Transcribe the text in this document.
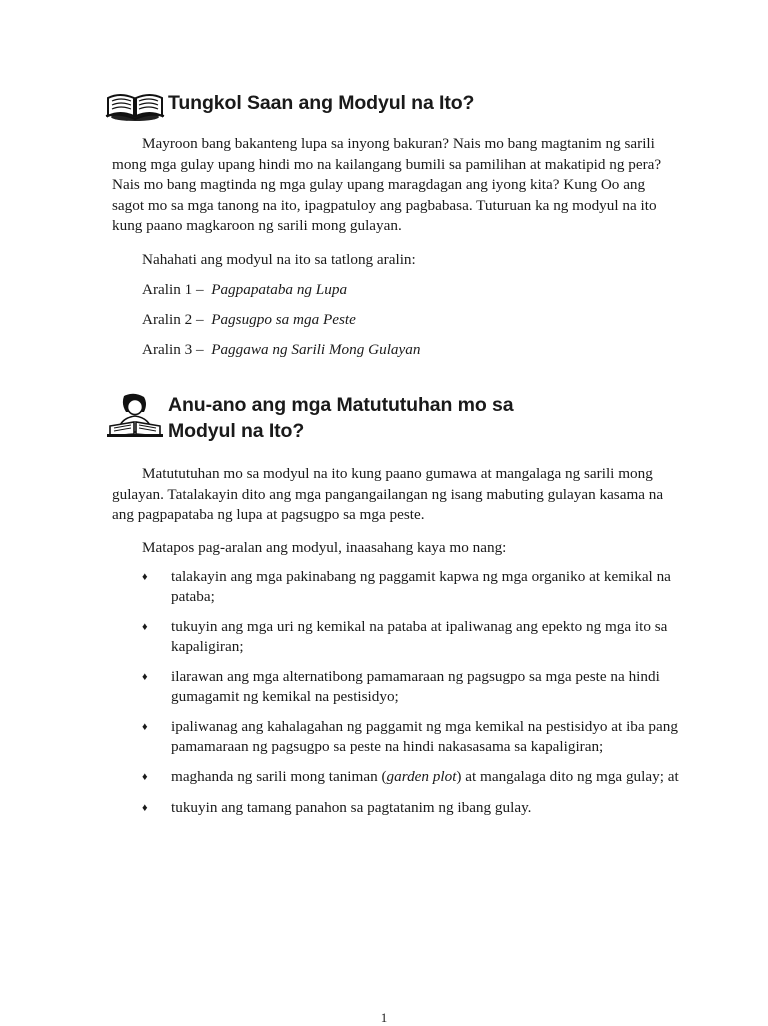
Tungkol Saan ang Modyul na Ito?

Mayroon bang bakanteng lupa sa inyong bakuran? Nais mo bang magtanim ng sarili mong mga gulay upang hindi mo na kailangang bumili sa pamilihan at makatipid ng pera? Nais mo bang magtinda ng mga gulay upang maragdagan ang iyong kita? Kung Oo ang sagot mo sa mga tanong na ito, ipagpatuloy ang pagbabasa. Tuturuan ka ng modyul na ito kung paano magkaroon ng sarili mong gulayan.

Nahahati ang modyul na ito sa tatlong aralin:

Aralin 1 – Pagpapataba ng Lupa
Aralin 2 – Pagsugpo sa mga Peste
Aralin 3 – Paggawa ng Sarili Mong Gulayan
Anu-ano ang mga Matututuhan mo sa
Modyul na Ito?

Matututuhan mo sa modyul na ito kung paano gumawa at mangalaga ng sarili mong gulayan. Tatalakayin dito ang mga pangangailangan ng isang mabuting gulayan kasama na ang pagpapataba ng lupa at pagsugpo sa mga peste.

Matapos pag-aralan ang modyul, inaasahang kaya mo nang:

♦ talakayin ang mga pakinabang ng paggamit kapwa ng mga organiko at kemikal na pataba;
♦ tukuyin ang mga uri ng kemikal na pataba at ipaliwanag ang epekto ng mga ito sa kapaligiran;
♦ ilarawan ang mga alternatibong pamamaraan ng pagsugpo sa mga peste na hindi gumagamit ng kemikal na pestisidyo;
♦ ipaliwanag ang kahalagahan ng paggamit ng mga kemikal na pestisidyo at iba pang pamamaraan ng pagsugpo sa peste na hindi nakasasama sa kapaligiran;
♦ maghanda ng sarili mong taniman (garden plot) at mangalaga dito ng mga gulay; at
♦ tukuyin ang tamang panahon sa pagtatanim ng ibang gulay.
1
